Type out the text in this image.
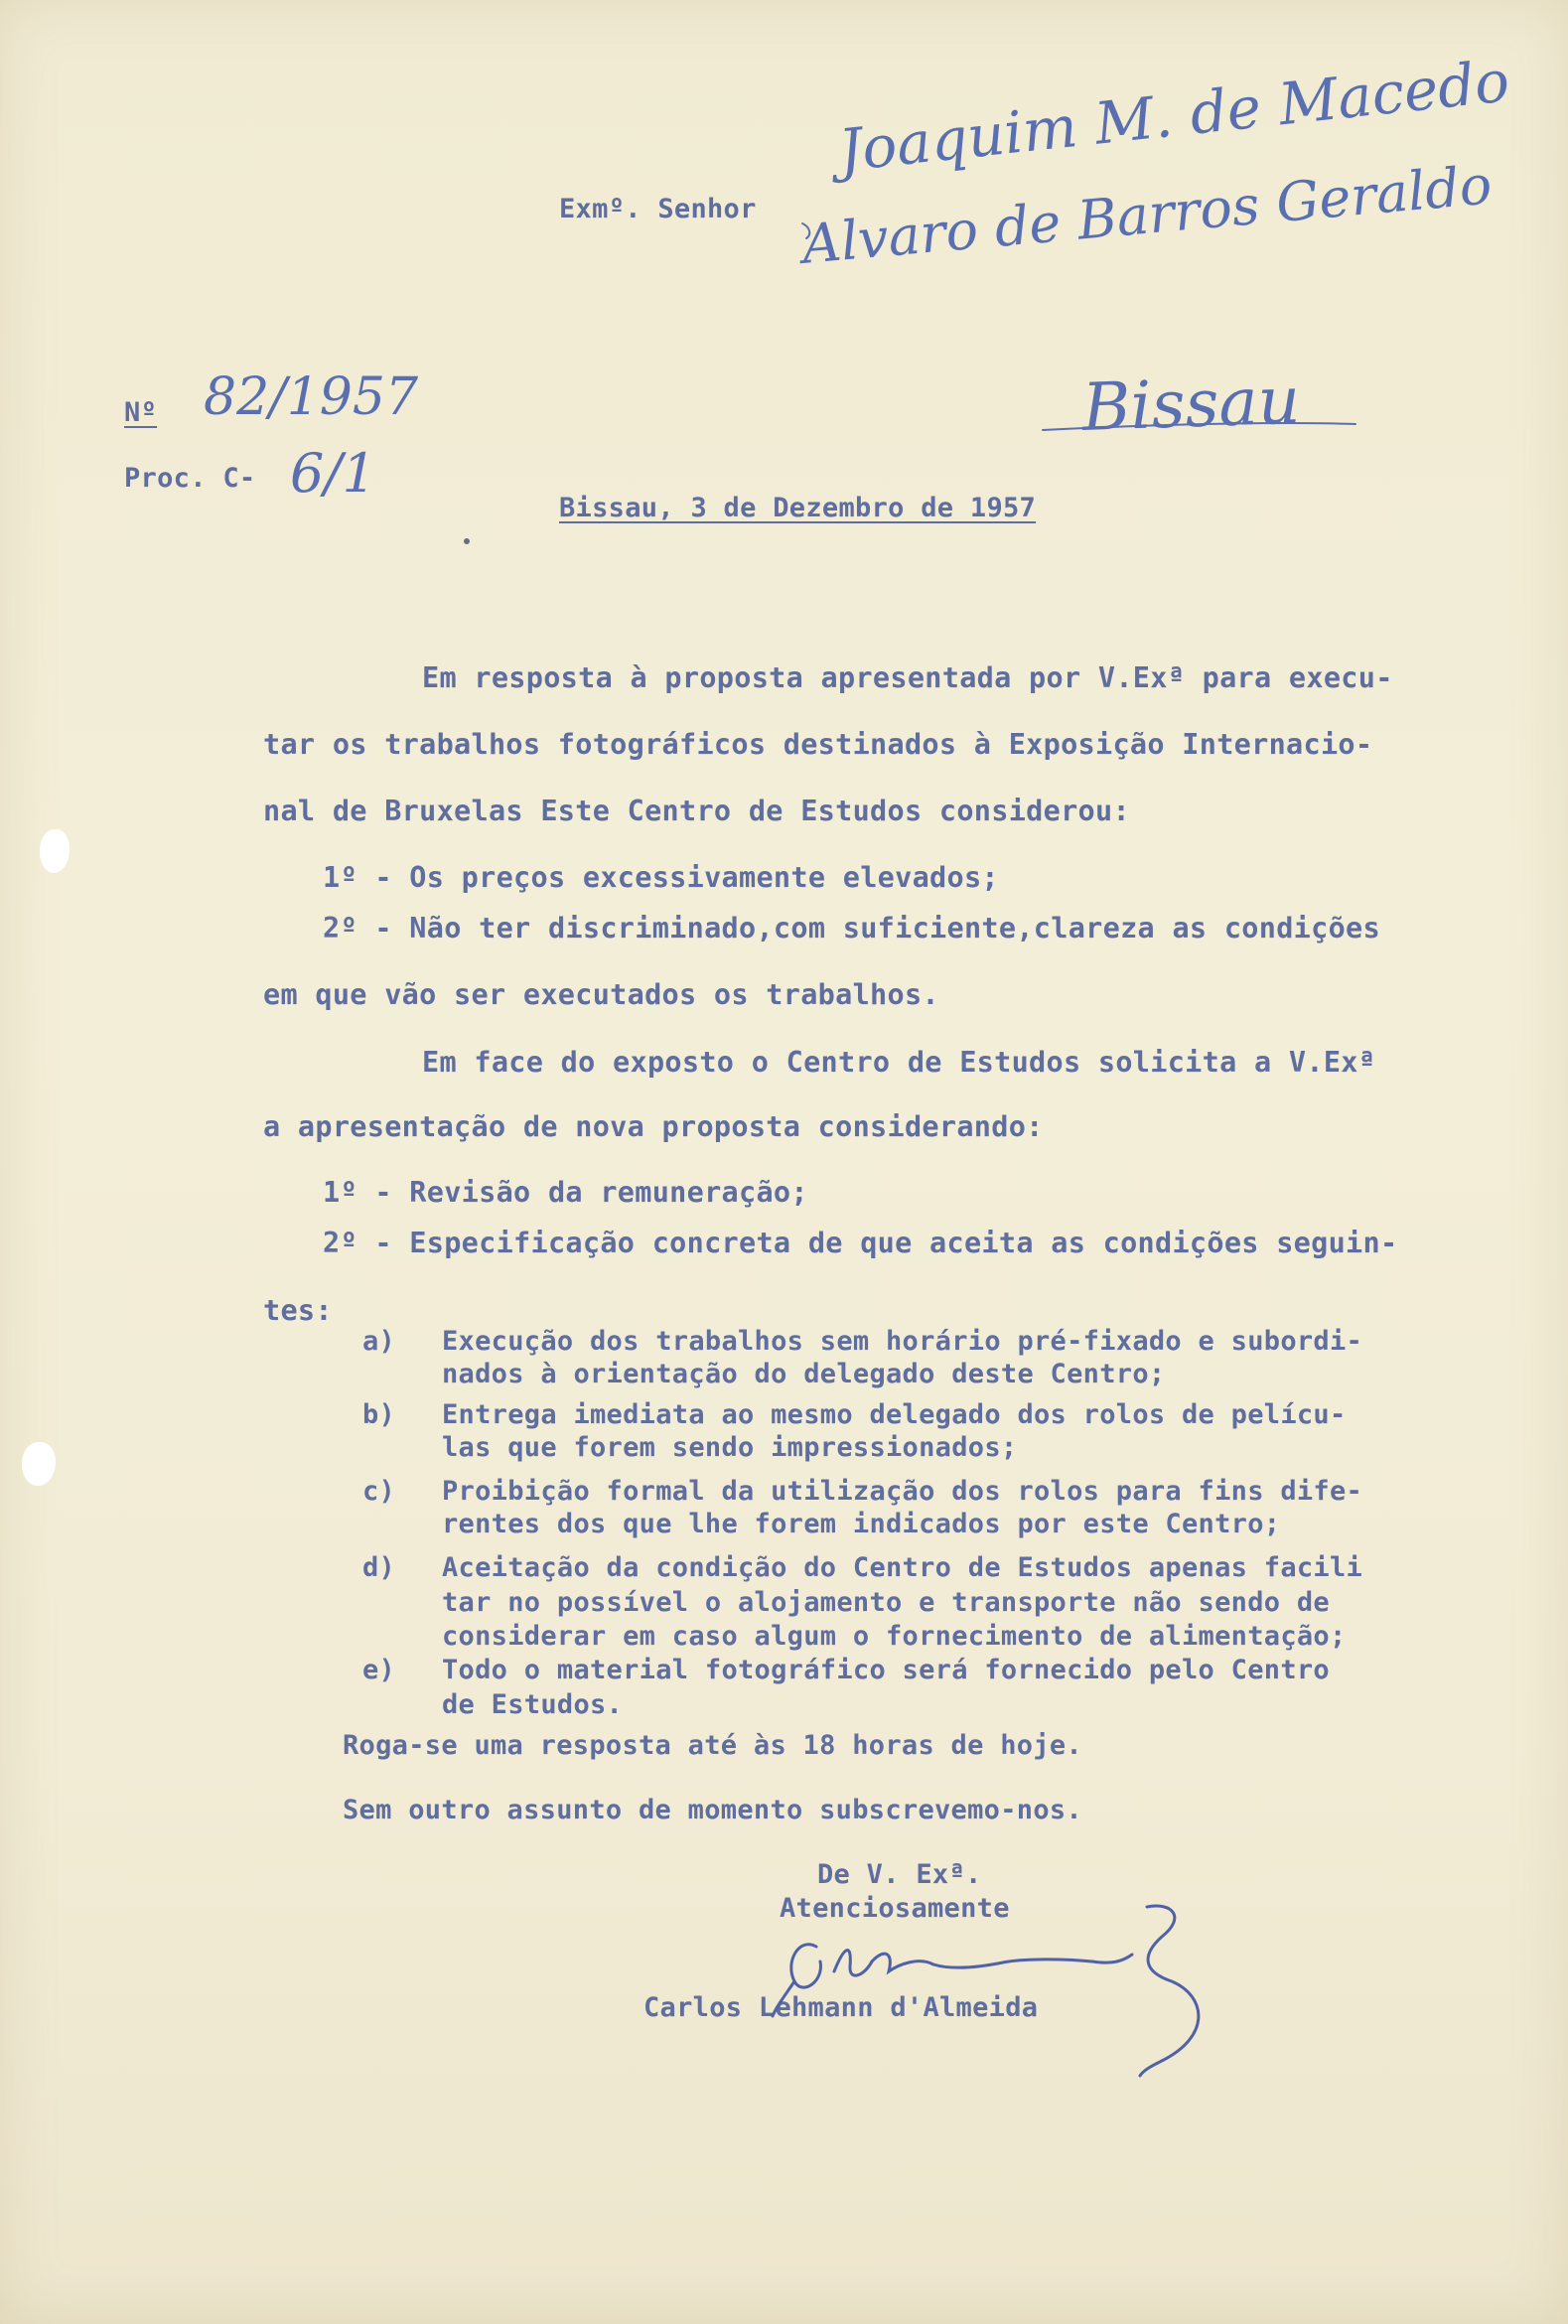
Exmº. Senhor

Joaquim M. de Macedo

Alvaro de Barros Geraldo

Bissau

Nº 82/1957

Proc. C- 6/1

Bissau, 3 de Dezembro de 1957

Em resposta à proposta apresentada por V.Exª para execu-

tar os trabalhos fotográficos destinados à Exposição Internacio-

nal de Bruxelas Este Centro de Estudos considerou:

1º - Os preços excessivamente elevados;

2º - Não ter discriminado,com suficiente,clareza as condições

em que vão ser executados os trabalhos.

Em face do exposto o Centro de Estudos solicita a V.Exª

a apresentação de nova proposta considerando:

1º - Revisão da remuneração;

2º - Especificação concreta de que aceita as condições seguin-

tes:

a) Execução dos trabalhos sem horário pré-fixado e subordi-

nados à orientação do delegado deste Centro;

b) Entrega imediata ao mesmo delegado dos rolos de pelícu-

las que forem sendo impressionados;

c) Proibição formal da utilização dos rolos para fins dife-

rentes dos que lhe forem indicados por este Centro;

d) Aceitação da condição do Centro de Estudos apenas facili

tar no possível o alojamento e transporte não sendo de

considerar em caso algum o fornecimento de alimentação;

e) Todo o material fotográfico será fornecido pelo Centro

de Estudos.

Roga-se uma resposta até às 18 horas de hoje.

Sem outro assunto de momento subscrevemo-nos.

De V. Exª.

Atenciosamente

Carlos Lehmann d'Almeida
